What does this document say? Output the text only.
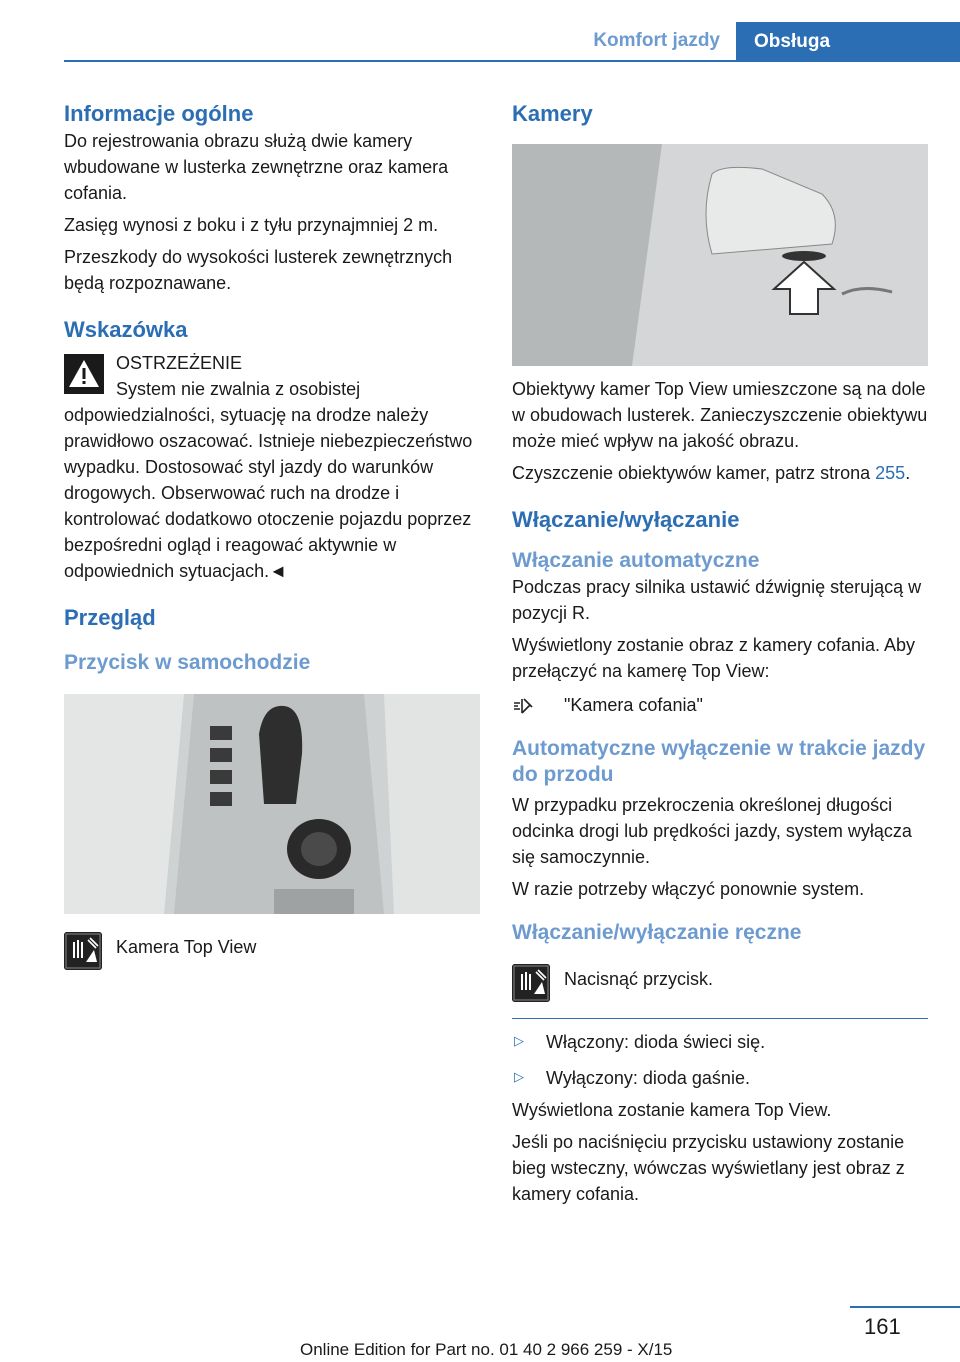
Komfort jazdy	Obsługa
Informacje ogólne

Do rejestrowania obrazu służą dwie kamery wbudowane w lusterka zewnętrzne oraz kamera cofania.

Zasięg wynosi z boku i z tyłu przynajmniej 2 m.

Przeszkody do wysokości lusterek zewnętrznych będą rozpoznawane.

Wskazówka

OSTRZEŻENIE

System nie zwalnia z osobistej odpowiedzialności, sytuację na drodze należy prawidłowo oszacować. Istnieje niebezpieczeństwo wypadku. Dostosować styl jazdy do warunków drogowych. Obserwować ruch na drodze i kontrolować dodatkowo otoczenie pojazdu poprzez bezpośredni ogląd i reagować aktywnie w odpowiednich sytuacjach.◄

Przegląd
Przycisk w samochodzie

Kamera Top View

Kamery

Obiektywy kamer Top View umieszczone są na dole w obudowach lusterek. Zanieczyszczenie obiektywu może mieć wpływ na jakość obrazu.

Czyszczenie obiektywów kamer, patrz strona 255.

Włączanie/wyłączanie
Włączanie automatyczne

Podczas pracy silnika ustawić dźwignię sterującą w pozycji R.

Wyświetlony zostanie obraz z kamery cofania. Aby przełączyć na kamerę Top View:

"Kamera cofania"

Automatyczne wyłączenie w trakcie jazdy do przodu

W przypadku przekroczenia określonej długości odcinka drogi lub prędkości jazdy, system wyłącza się samoczynnie.

W razie potrzeby włączyć ponownie system.

Włączanie/wyłączanie ręczne

Nacisnąć przycisk.

▷ Włączony: dioda świeci się.

▷ Wyłączony: dioda gaśnie.

Wyświetlona zostanie kamera Top View.

Jeśli po naciśnięciu przycisku ustawiony zostanie bieg wsteczny, wówczas wyświetlany jest obraz z kamery cofania.

161
Online Edition for Part no. 01 40 2 966 259 - X/15
